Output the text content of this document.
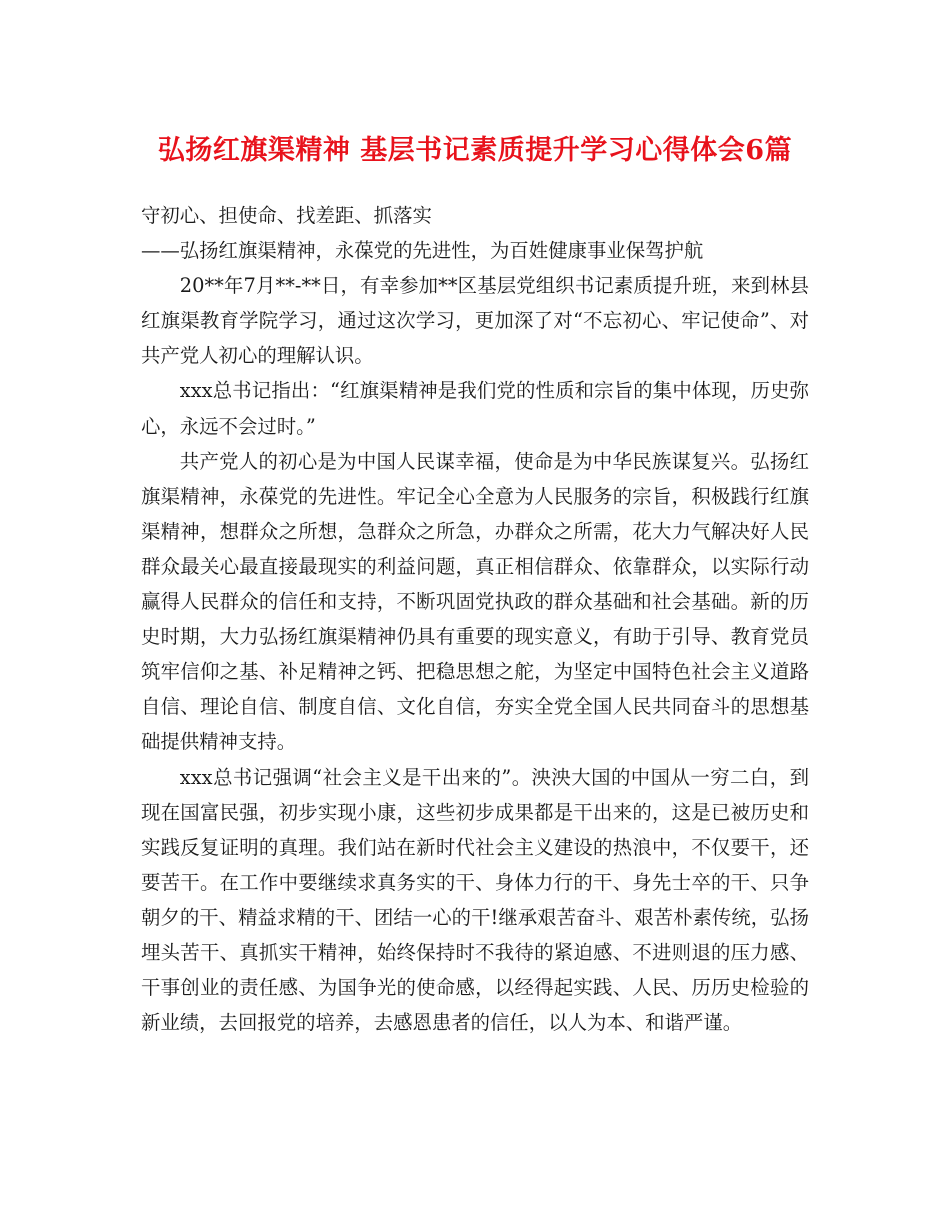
弘扬红旗渠精神 基层书记素质提升学习心得体会6篇

守初心、担使命、找差距、抓落实

——弘扬红旗渠精神，永葆党的先进性，为百姓健康事业保驾护航

20**年7月**-**日，有幸参加**区基层党组织书记素质提升班，来到林县红旗渠教育学院学习，通过这次学习，更加深了对“不忘初心、牢记使命”、对共产党人初心的理解认识。

xxx总书记指出：“红旗渠精神是我们党的性质和宗旨的集中体现，历史弥心，永远不会过时。”

共产党人的初心是为中国人民谋幸福，使命是为中华民族谋复兴。弘扬红旗渠精神，永葆党的先进性。牢记全心全意为人民服务的宗旨，积极践行红旗渠精神，想群众之所想，急群众之所急，办群众之所需，花大力气解决好人民群众最关心最直接最现实的利益问题，真正相信群众、依靠群众，以实际行动赢得人民群众的信任和支持，不断巩固党执政的群众基础和社会基础。新的历史时期，大力弘扬红旗渠精神仍具有重要的现实意义，有助于引导、教育党员筑牢信仰之基、补足精神之钙、把稳思想之舵，为坚定中国特色社会主义道路自信、理论自信、制度自信、文化自信，夯实全党全国人民共同奋斗的思想基础提供精神支持。

xxx总书记强调“社会主义是干出来的”。泱泱大国的中国从一穷二白，到现在国富民强，初步实现小康，这些初步成果都是干出来的，这是已被历史和实践反复证明的真理。我们站在新时代社会主义建设的热浪中，不仅要干，还要苦干。在工作中要继续求真务实的干、身体力行的干、身先士卒的干、只争朝夕的干、精益求精的干、团结一心的干!继承艰苦奋斗、艰苦朴素传统，弘扬埋头苦干、真抓实干精神，始终保持时不我待的紧迫感、不进则退的压力感、干事创业的责任感、为国争光的使命感，以经得起实践、人民、历历史检验的新业绩，去回报党的培养，去感恩患者的信任，以人为本、和谐严谨。
